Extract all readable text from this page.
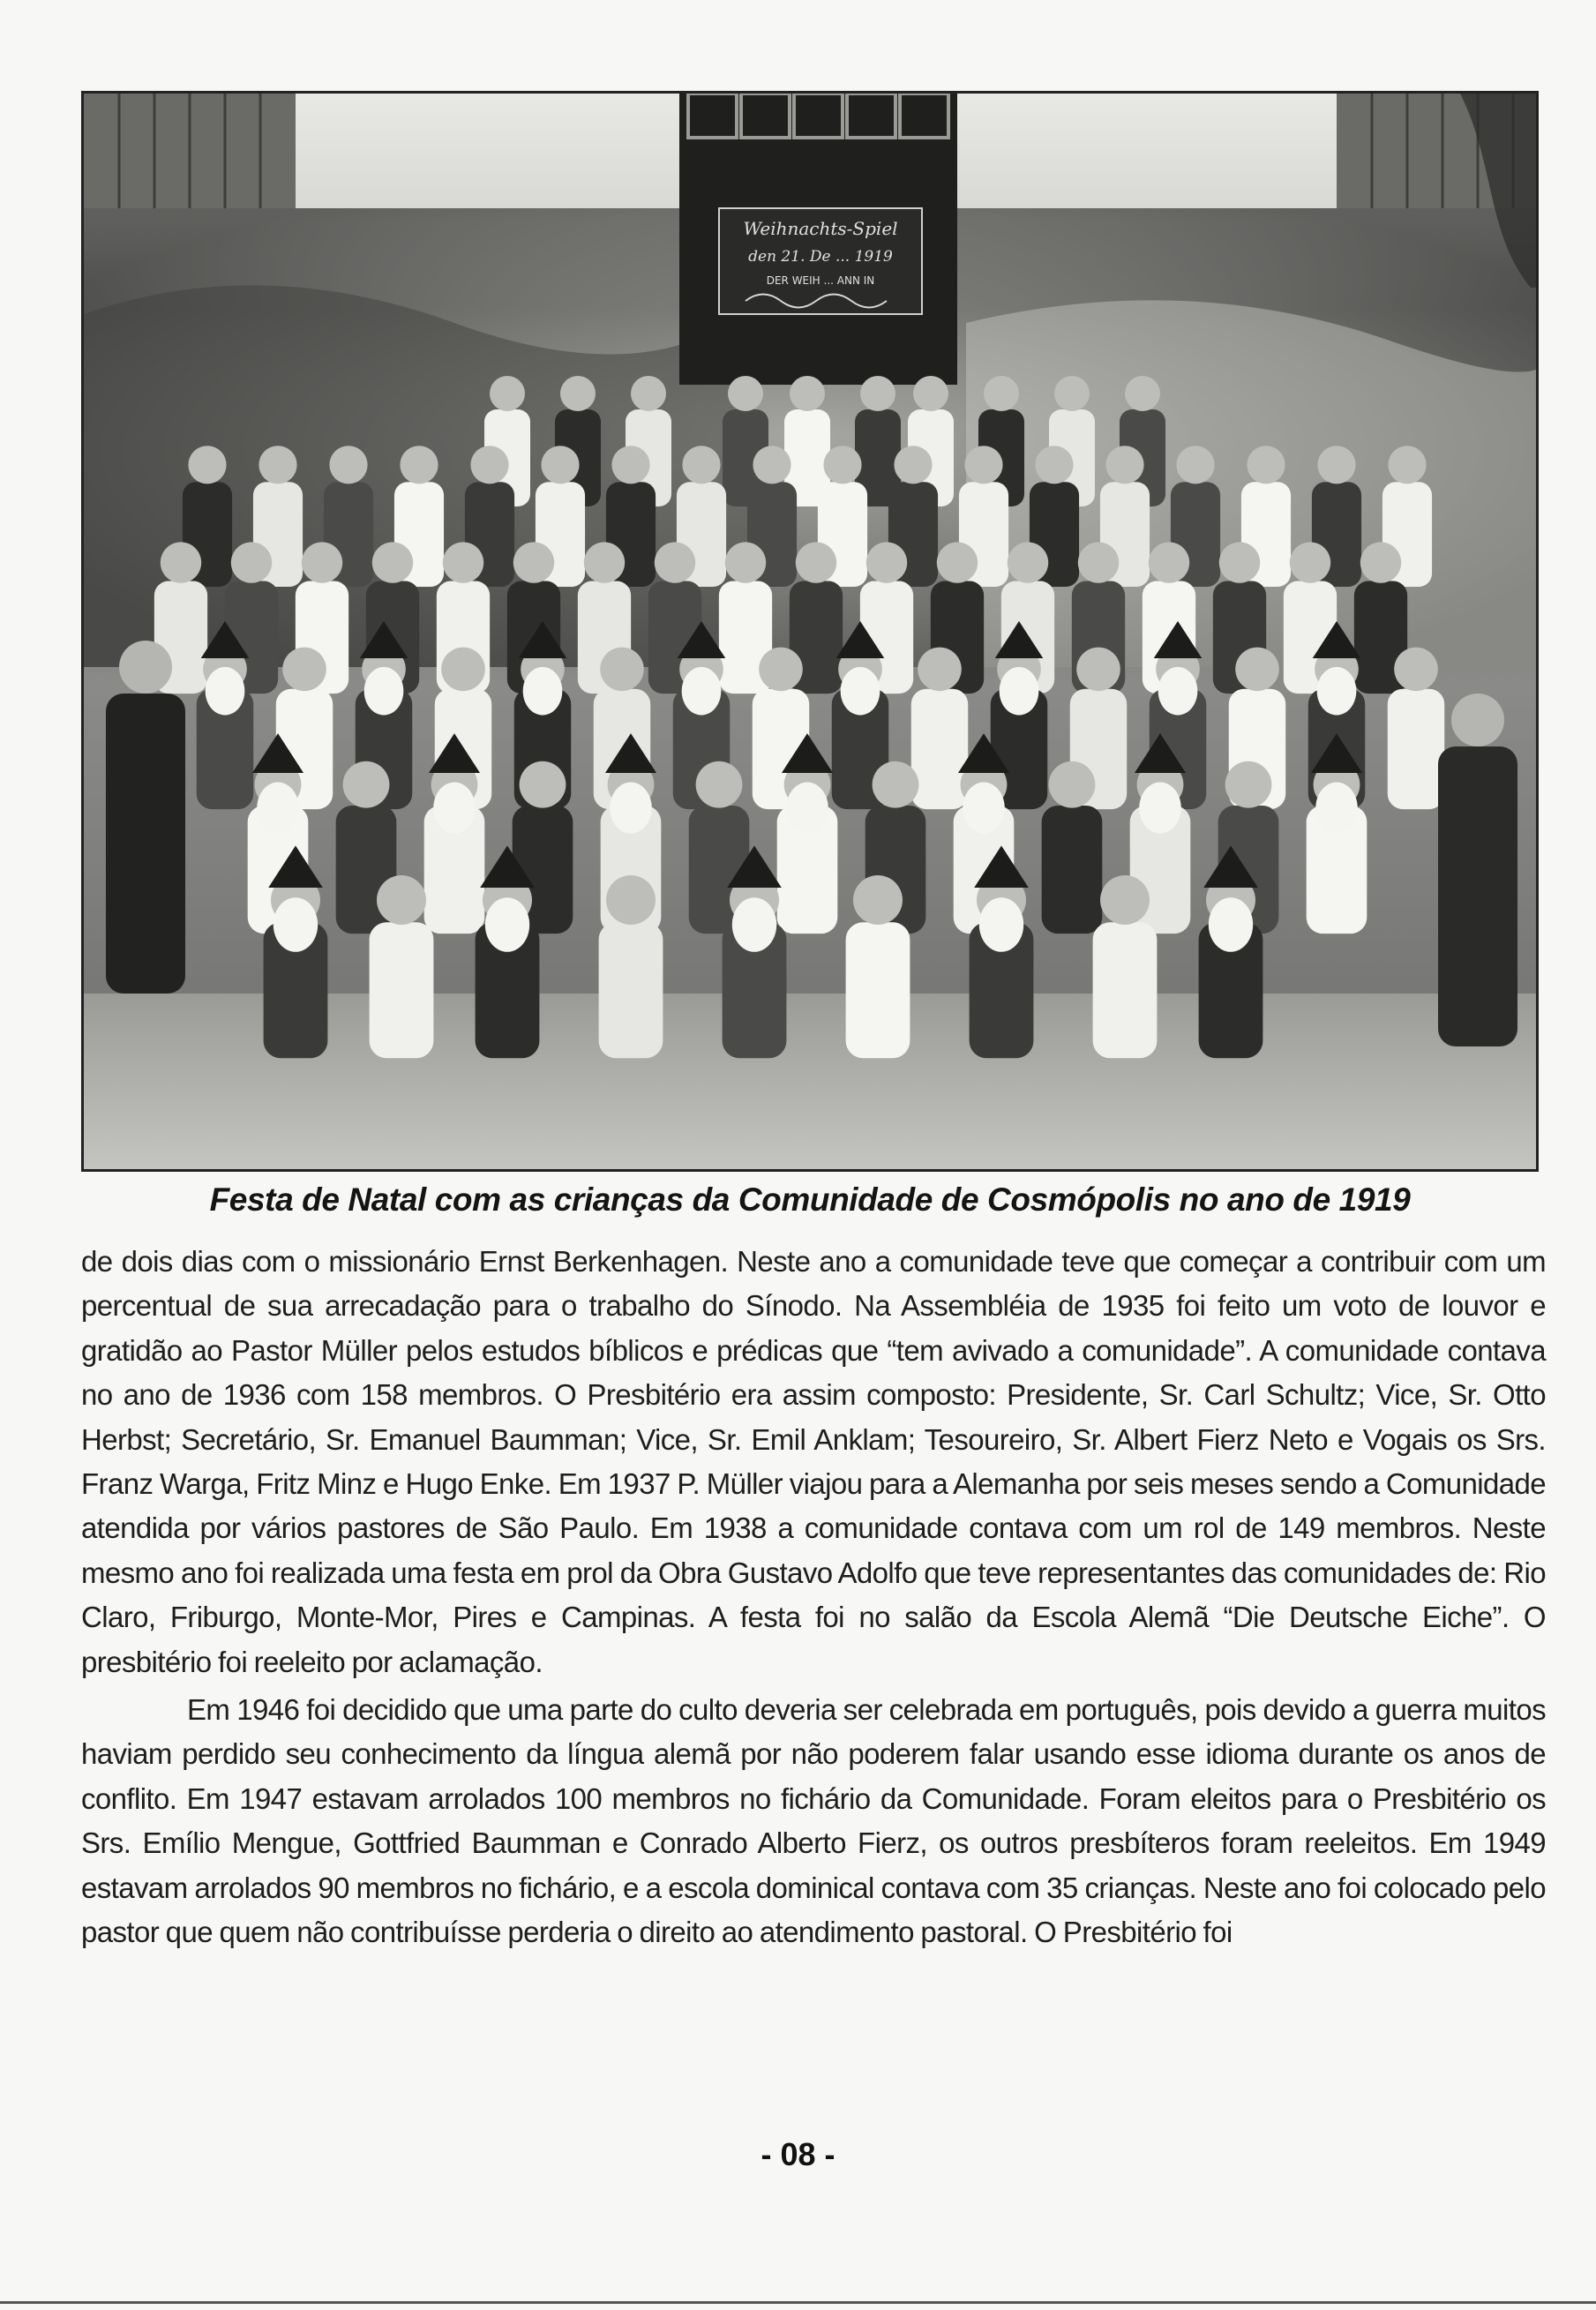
Weihnachts-Spiel
den 21. De ... 1919
DER WEIH ... ANN IN
Festa de Natal com as crianças da Comunidade de Cosmópolis no ano de 1919

de dois dias com o missionário Ernst Berkenhagen. Neste ano a comunidade teve que começar a contribuir com um percentual de sua arrecadação para o trabalho do Sínodo. Na Assembléia de 1935 foi feito um voto de louvor e gratidão ao Pastor Müller pelos estudos bíblicos e prédicas que “tem avivado a comunidade”. A comunidade contava no ano de 1936 com 158 membros. O Presbitério era assim composto: Presidente, Sr. Carl Schultz; Vice, Sr. Otto Herbst; Secretário, Sr. Emanuel Baumman; Vice, Sr. Emil Anklam; Tesoureiro, Sr. Albert Fierz Neto e Vogais os Srs. Franz Warga, Fritz Minz e Hugo Enke. Em 1937 P. Müller viajou para a Alemanha por seis meses sendo a Comunidade atendida por vários pastores de São Paulo. Em 1938 a comunidade contava com um rol de 149 membros. Neste mesmo ano foi realizada uma festa em prol da Obra Gustavo Adolfo que teve representantes das comunidades de: Rio Claro, Friburgo, Monte-Mor, Pires e Campinas. A festa foi no salão da Escola Alemã “Die Deutsche Eiche”. O presbitério foi reeleito por aclamação.

Em 1946 foi decidido que uma parte do culto deveria ser celebrada em português, pois devido a guerra muitos haviam perdido seu conhecimento da língua alemã por não poderem falar usando esse idioma durante os anos de conflito. Em 1947 estavam arrolados 100 membros no fichário da Comunidade. Foram eleitos para o Presbitério os Srs. Emílio Mengue, Gottfried Baumman e Conrado Alberto Fierz, os outros presbíteros foram reeleitos. Em 1949 estavam arrolados 90 membros no fichário, e a escola dominical contava com 35 crianças. Neste ano foi colocado pelo pastor que quem não contribuísse perderia o direito ao atendimento pastoral. O Presbitério foi

- 08 -
